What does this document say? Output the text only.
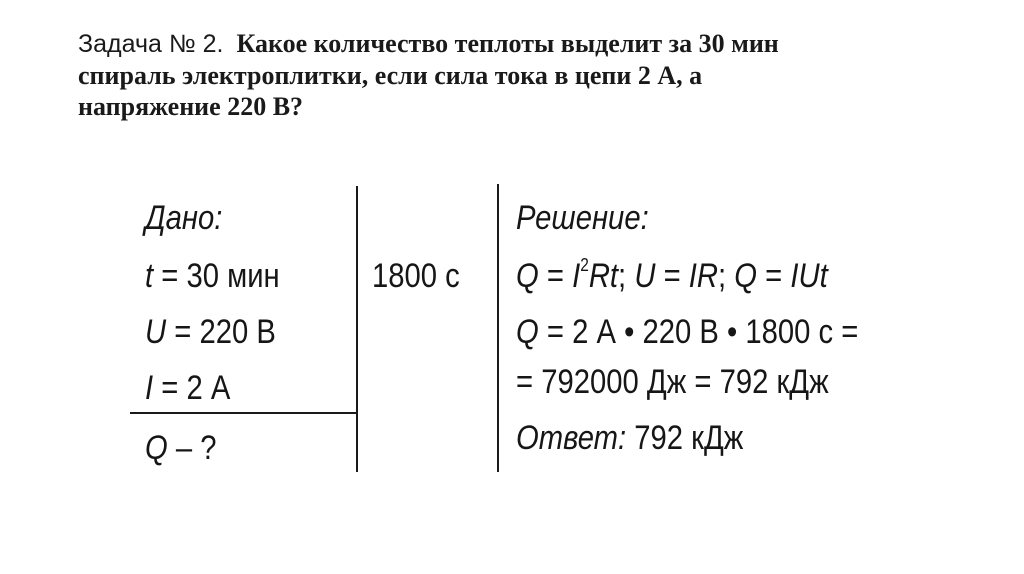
Задача № 2. Какое количество теплоты выделит за 30 мин
спираль электроплитки, если сила тока в цепи 2 А, а
напряжение 220 В?
Дано:
t = 30 мин
U = 220 В
I = 2 А
Q – ?
1800 с
Решение:
$Q = I^2Rt$; U = IR; Q = IUt
Q = 2 А • 220 В • 1800 с =
= 792000 Дж = 792 кДж
Ответ: 792 кДж
